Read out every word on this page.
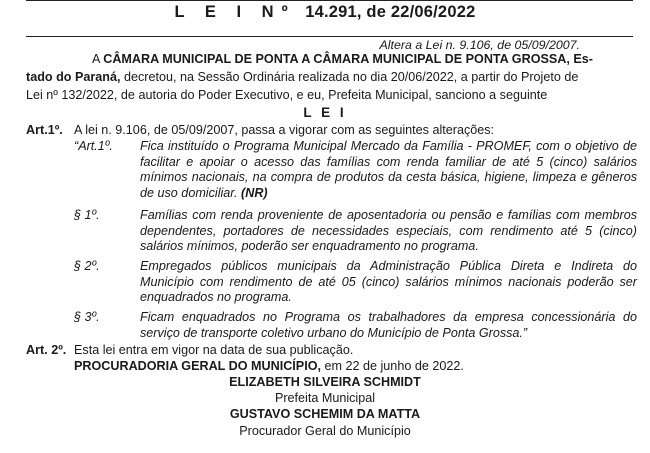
L E I Nº 14.291, de 22/06/2022
Altera a Lei n. 9.106, de 05/09/2007.
A CÂMARA MUNICIPAL DE PONTA A CÂMARA MUNICIPAL DE PONTA GROSSA, Es-
tado do Paraná, decretou, na Sessão Ordinária realizada no dia 20/06/2022, a partir do Projeto de
Lei nº 132/2022, de autoria do Poder Executivo, e eu, Prefeita Municipal, sanciono a seguinte
L E I
Art.1º. A lei n. 9.106, de 05/09/2007, passa a vigorar com as seguintes alterações:
“Art.1º. Fica instituído o Programa Municipal Mercado da Família - PROMEF, com o objetivo de facilitar e apoiar o acesso das famílias com renda familiar de até 5 (cinco) salários mínimos nacionais, na compra de produtos da cesta básica, higiene, limpeza e gêneros de uso domiciliar. (NR)
§ 1º.	Famílias com renda proveniente de aposentadoria ou pensão e famílias com membros dependentes, portadores de necessidades especiais, com rendimento até 5 (cinco) salários mínimos, poderão ser enquadramento no programa.
§ 2º.	Empregados públicos municipais da Administração Pública Direta e Indireta do Município com rendimento de até 05 (cinco) salários mínimos nacionais poderão ser enquadrados no programa.
§ 3º.	Ficam enquadrados no Programa os trabalhadores da empresa concessionária do serviço de transporte coletivo urbano do Município de Ponta Grossa.”
Art. 2º. Esta lei entra em vigor na data de sua publicação.
PROCURADORIA GERAL DO MUNICÍPIO, em 22 de junho de 2022.
ELIZABETH SILVEIRA SCHMIDT
Prefeita Municipal
GUSTAVO SCHEMIM DA MATTA
Procurador Geral do Município
